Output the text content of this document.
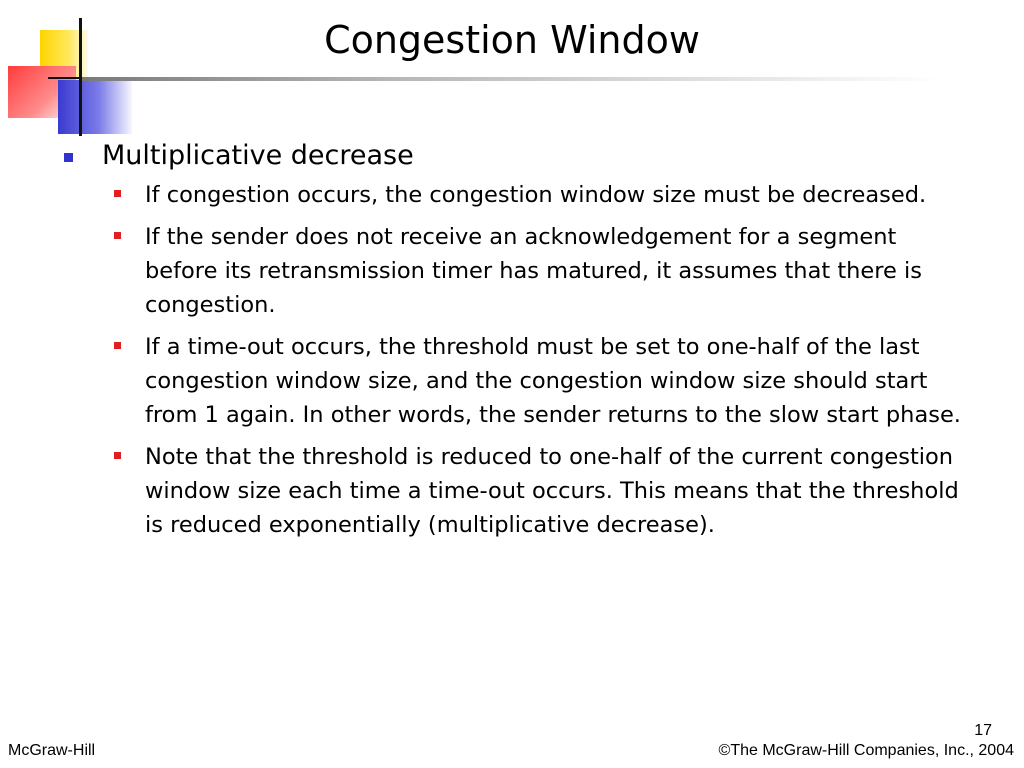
Congestion Window
Multiplicative decrease
If congestion occurs, the congestion window size must be decreased.
If the sender does not receive an acknowledgement for a segment before its retransmission timer has matured, it assumes that there is congestion.
If a time-out occurs, the threshold must be set to one-half of the last congestion window size, and the congestion window size should start from 1 again. In other words, the sender returns to the slow start phase.
Note that the threshold is reduced to one-half of the current congestion window size each time a time-out occurs. This means that the threshold is reduced exponentially (multiplicative decrease).
17
McGraw-Hill	©The McGraw-Hill Companies, Inc., 2004
